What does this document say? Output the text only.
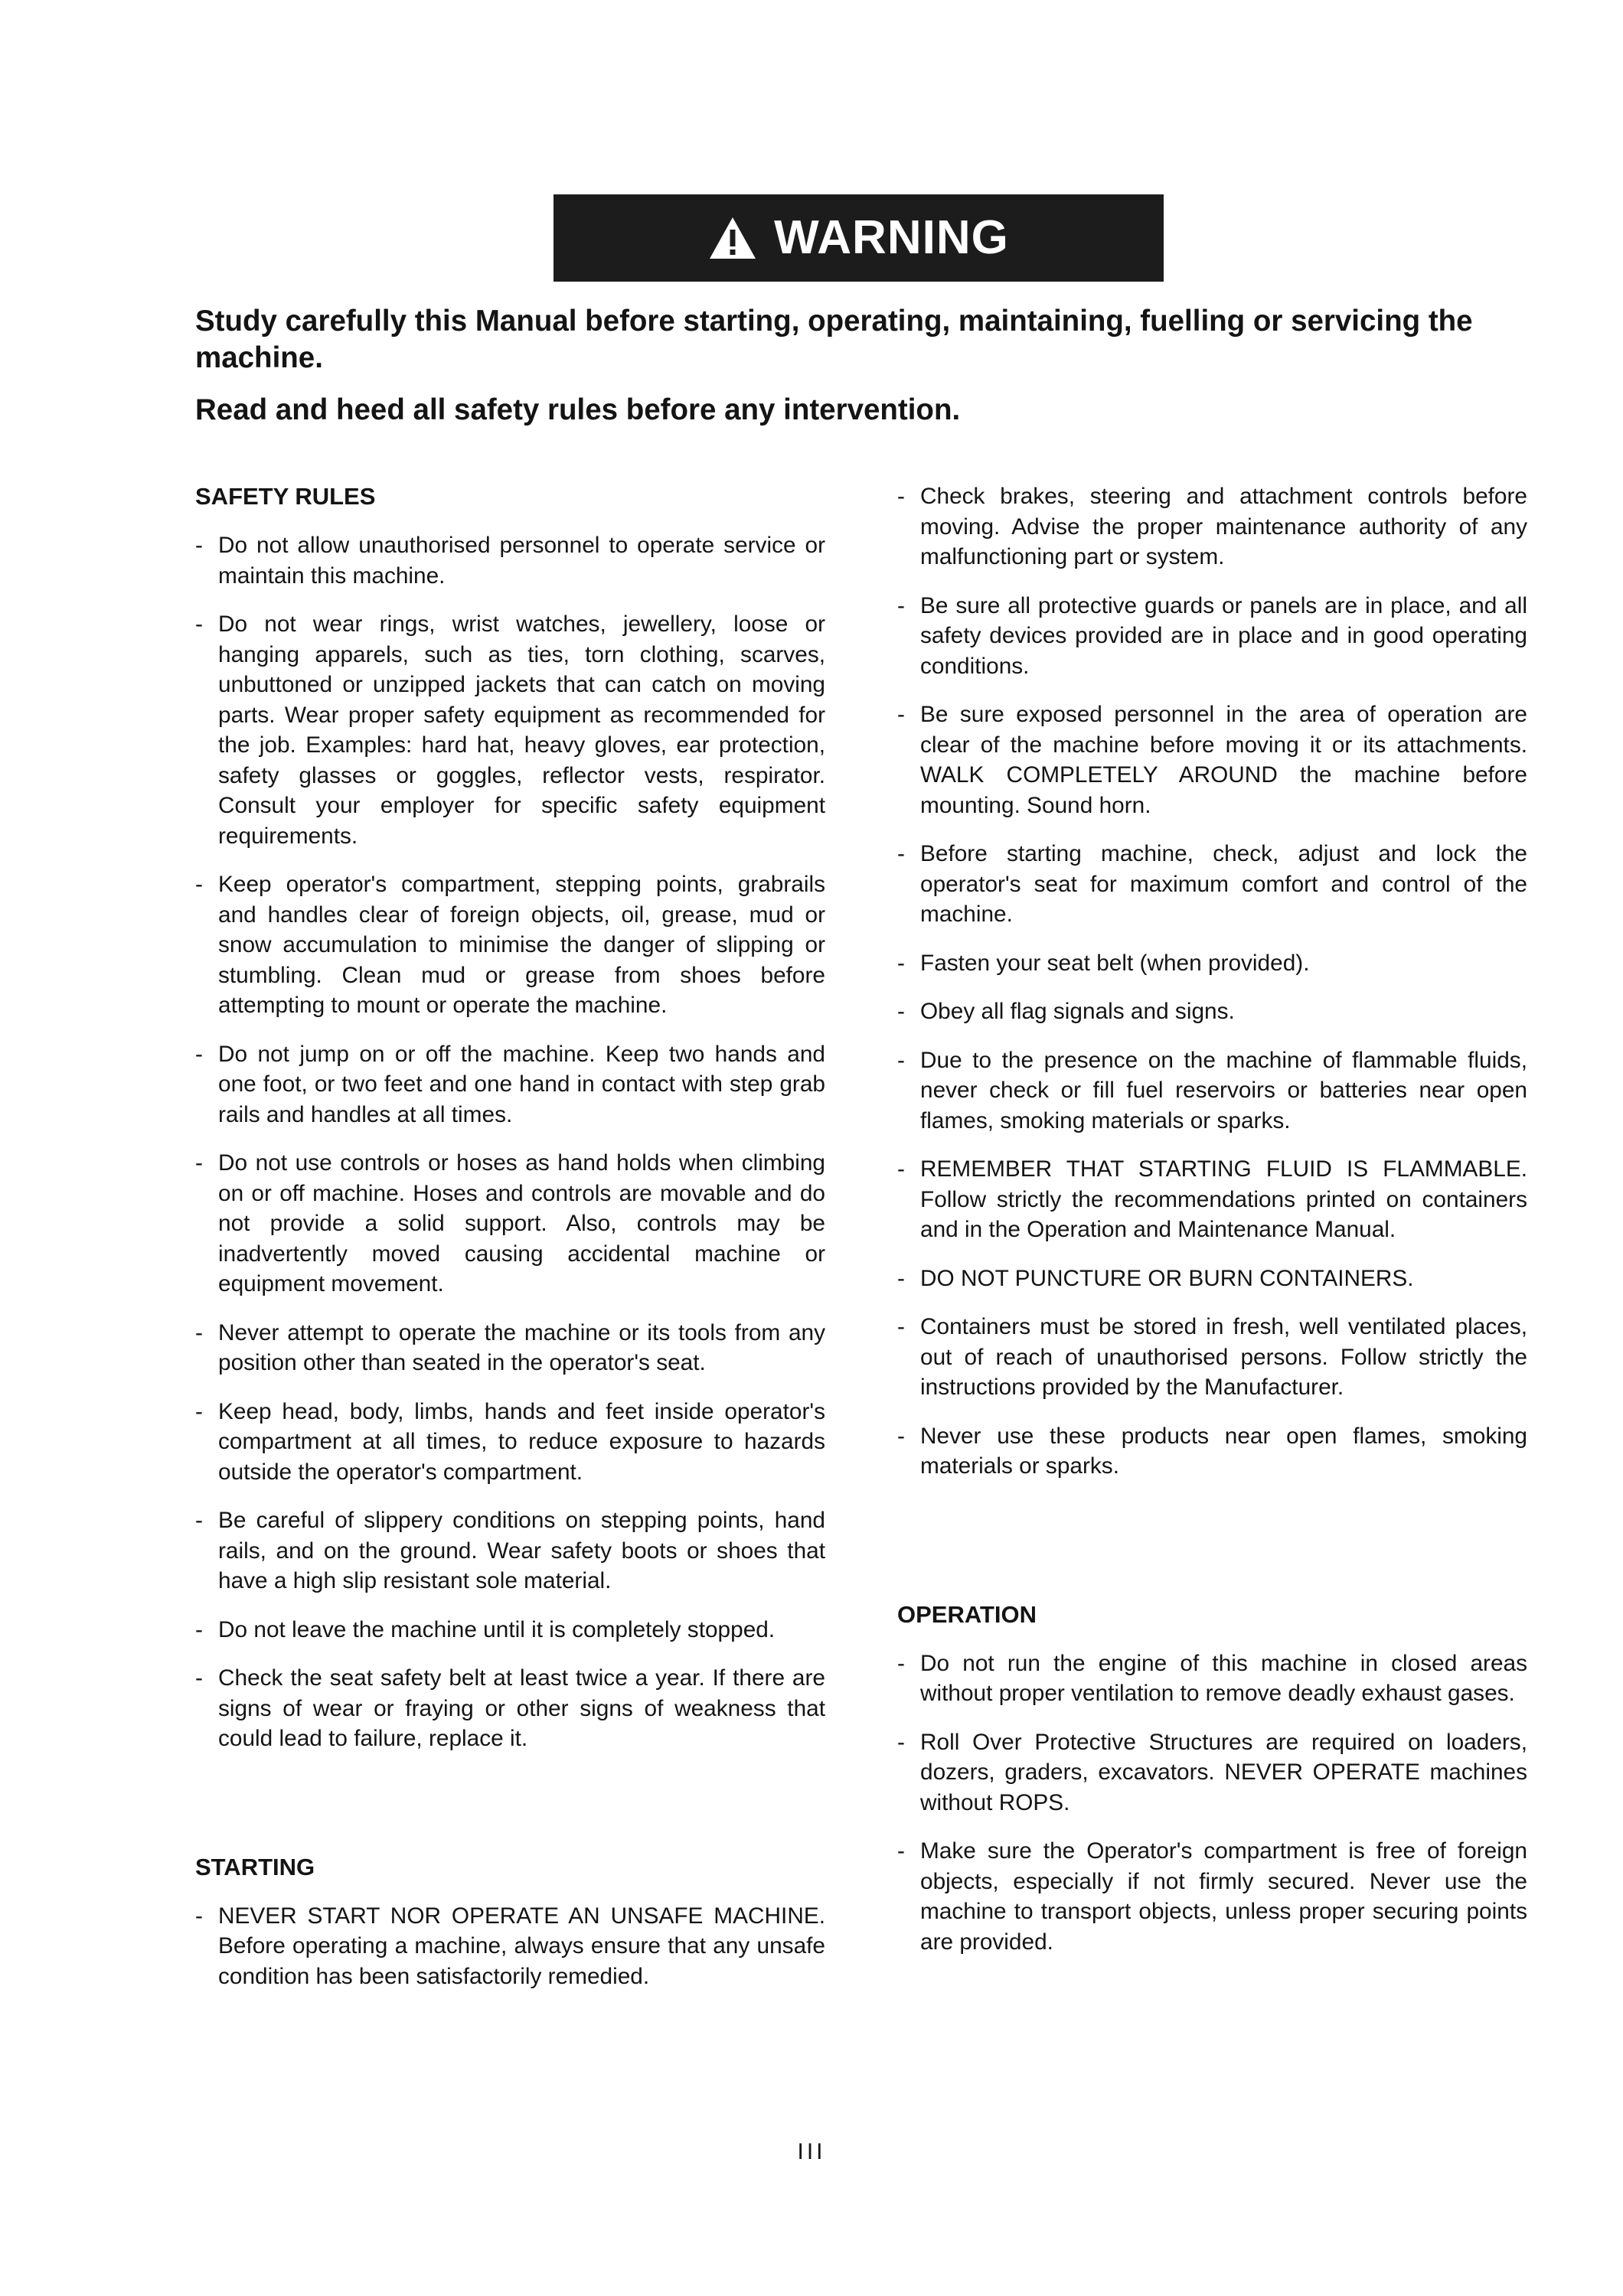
WARNING

Study carefully this Manual before starting, operating, maintaining, fuelling or servicing the machine.

Read and heed all safety rules before any intervention.

SAFETY RULES
- Do not allow unauthorised personnel to operate service or maintain this machine.
- Do not wear rings, wrist watches, jewellery, loose or hanging apparels, such as ties, torn clothing, scarves, unbuttoned or unzipped jackets that can catch on moving parts. Wear proper safety equipment as recommended for the job. Examples: hard hat, heavy gloves, ear protection, safety glasses or goggles, reflector vests, respirator. Consult your employer for specific safety equipment requirements.
- Keep operator's compartment, stepping points, grabrails and handles clear of foreign objects, oil, grease, mud or snow accumulation to minimise the danger of slipping or stumbling. Clean mud or grease from shoes before attempting to mount or operate the machine.
- Do not jump on or off the machine. Keep two hands and one foot, or two feet and one hand in contact with step grab rails and handles at all times.
- Do not use controls or hoses as hand holds when climbing on or off machine. Hoses and controls are movable and do not provide a solid support. Also, controls may be inadvertently moved causing accidental machine or equipment movement.
- Never attempt to operate the machine or its tools from any position other than seated in the operator's seat.
- Keep head, body, limbs, hands and feet inside operator's compartment at all times, to reduce exposure to hazards outside the operator's compartment.
- Be careful of slippery conditions on stepping points, hand rails, and on the ground. Wear safety boots or shoes that have a high slip resistant sole material.
- Do not leave the machine until it is completely stopped.
- Check the seat safety belt at least twice a year. If there are signs of wear or fraying or other signs of weakness that could lead to failure, replace it.
STARTING
- NEVER START NOR OPERATE AN UNSAFE MACHINE. Before operating a machine, always ensure that any unsafe condition has been satisfactorily remedied.
- Check brakes, steering and attachment controls before moving. Advise the proper maintenance authority of any malfunctioning part or system.
- Be sure all protective guards or panels are in place, and all safety devices provided are in place and in good operating conditions.
- Be sure exposed personnel in the area of operation are clear of the machine before moving it or its attachments. WALK COMPLETELY AROUND the machine before mounting. Sound horn.
- Before starting machine, check, adjust and lock the operator's seat for maximum comfort and control of the machine.
- Fasten your seat belt (when provided).
- Obey all flag signals and signs.
- Due to the presence on the machine of flammable fluids, never check or fill fuel reservoirs or batteries near open flames, smoking materials or sparks.
- REMEMBER THAT STARTING FLUID IS FLAMMABLE. Follow strictly the recommendations printed on containers and in the Operation and Maintenance Manual.
- DO NOT PUNCTURE OR BURN CONTAINERS.
- Containers must be stored in fresh, well ventilated places, out of reach of unauthorised persons. Follow strictly the instructions provided by the Manufacturer.
- Never use these products near open flames, smoking materials or sparks.
OPERATION
- Do not run the engine of this machine in closed areas without proper ventilation to remove deadly exhaust gases.
- Roll Over Protective Structures are required on loaders, dozers, graders, excavators. NEVER OPERATE machines without ROPS.
- Make sure the Operator's compartment is free of foreign objects, especially if not firmly secured. Never use the machine to transport objects, unless proper securing points are provided.
III
